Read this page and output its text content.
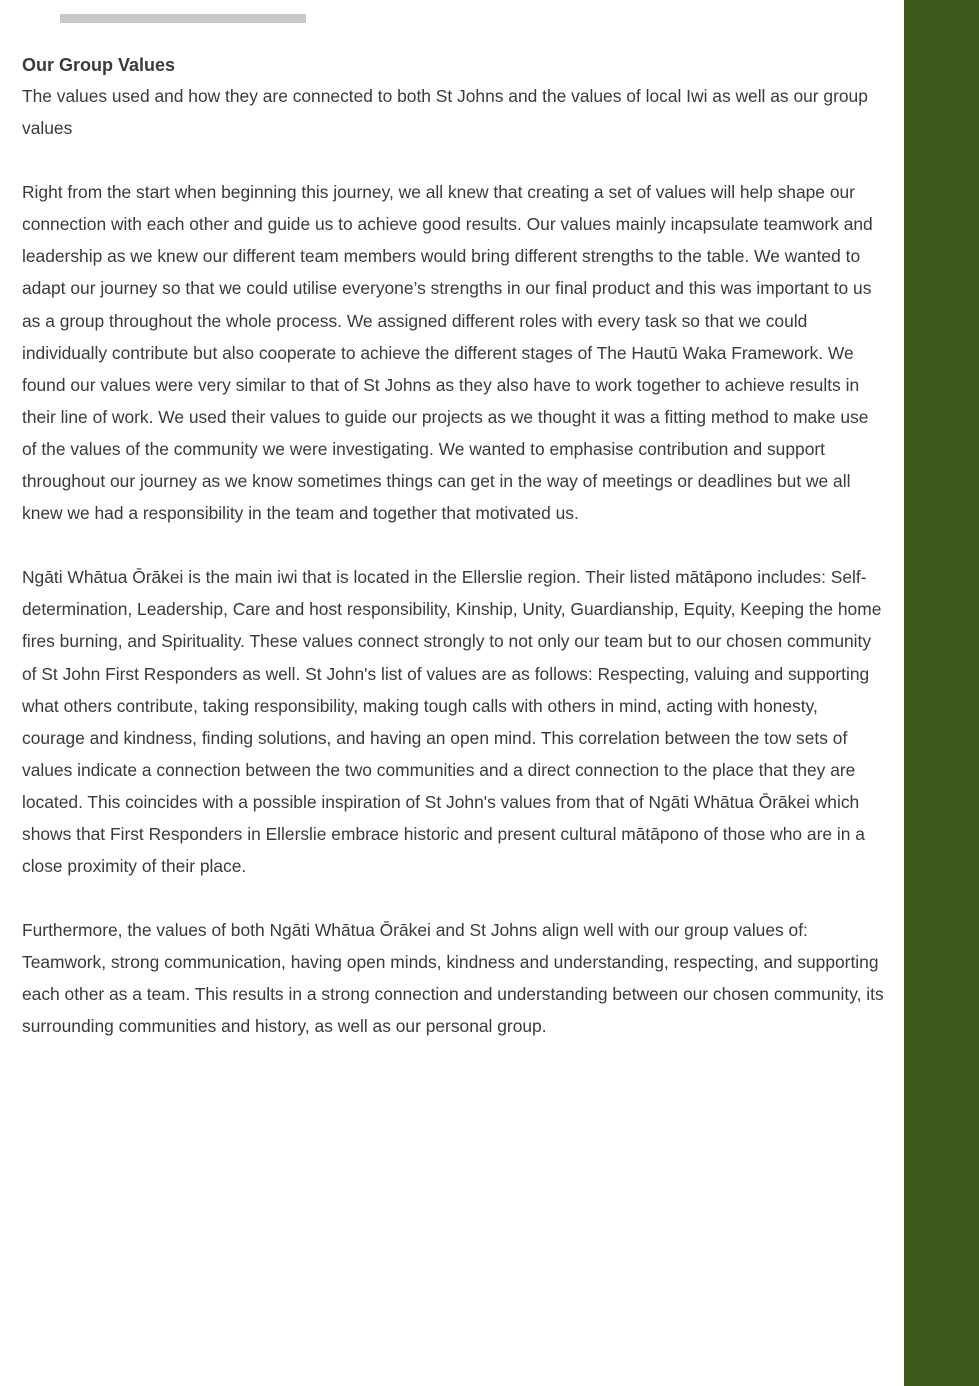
Our Group Values

The values used and how they are connected to both St Johns and the values of local Iwi as well as our group values

Right from the start when beginning this journey, we all knew that creating a set of values will help shape our connection with each other and guide us to achieve good results. Our values mainly incapsulate teamwork and leadership as we knew our different team members would bring different strengths to the table. We wanted to adapt our journey so that we could utilise everyone’s strengths in our final product and this was important to us as a group throughout the whole process. We assigned different roles with every task so that we could individually contribute but also cooperate to achieve the different stages of The Hautū Waka Framework. We found our values were very similar to that of St Johns as they also have to work together to achieve results in their line of work. We used their values to guide our projects as we thought it was a fitting method to make use of the values of the community we were investigating. We wanted to emphasise contribution and support throughout our journey as we know sometimes things can get in the way of meetings or deadlines but we all knew we had a responsibility in the team and together that motivated us.

Ngāti Whātua Ōrākei is the main iwi that is located in the Ellerslie region. Their listed mātāpono includes: Self-determination, Leadership, Care and host responsibility, Kinship, Unity, Guardianship, Equity, Keeping the home fires burning, and Spirituality. These values connect strongly to not only our team but to our chosen community of St John First Responders as well. St John's list of values are as follows: Respecting, valuing and supporting what others contribute, taking responsibility, making tough calls with others in mind, acting with honesty, courage and kindness, finding solutions, and having an open mind. This correlation between the tow sets of values indicate a connection between the two communities and a direct connection to the place that they are located. This coincides with a possible inspiration of St John's values from that of Ngāti Whātua Ōrākei which shows that First Responders in Ellerslie embrace historic and present cultural mātāpono of those who are in a close proximity of their place.

Furthermore, the values of both Ngāti Whātua Ōrākei and St Johns align well with our group values of: Teamwork, strong communication, having open minds, kindness and understanding, respecting, and supporting each other as a team. This results in a strong connection and understanding between our chosen community, its surrounding communities and history, as well as our personal group.
